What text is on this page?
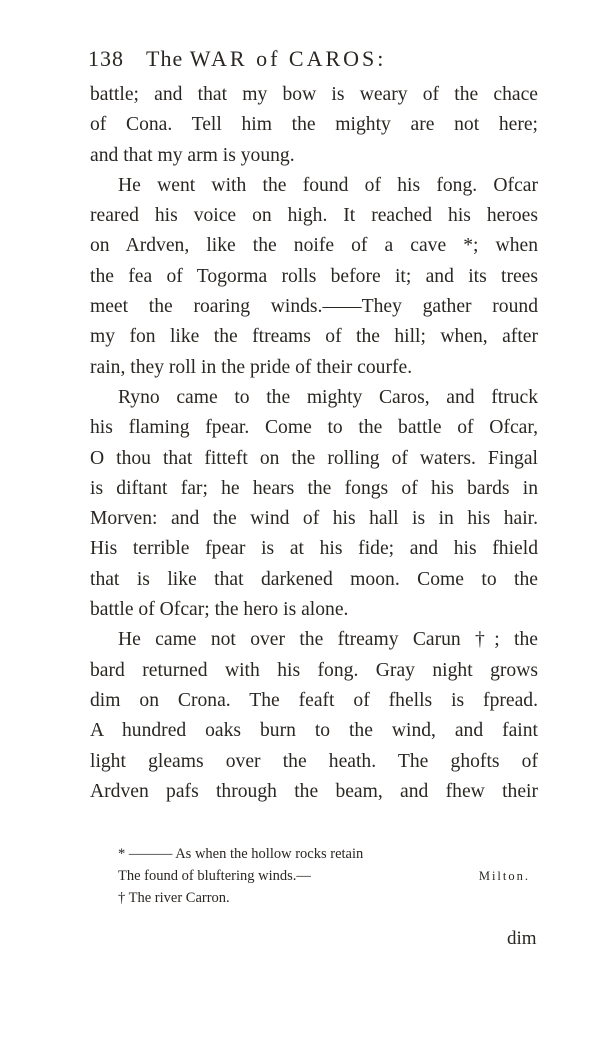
138 The WAR of CAROS:
battle; and that my bow is weary of the chace
of Cona. Tell him the mighty are not here;
and that my arm is young.
He went with the found of his fong. Ofcar
reared his voice on high. It reached his heroes
on Ardven, like the noife of a cave *; when
the fea of Togorma rolls before it; and its trees
meet the roaring winds.——They gather round
my fon like the ftreams of the hill; when, after
rain, they roll in the pride of their courfe.
Ryno came to the mighty Caros, and ftruck
his flaming fpear. Come to the battle of Ofcar,
O thou that fitteft on the rolling of waters. Fingal
is diftant far; he hears the fongs of his bards in
Morven: and the wind of his hall is in his hair.
His terrible fpear is at his fide; and his fhield
that is like that darkened moon. Come to the
battle of Ofcar; the hero is alone.
He came not over the ftreamy Carun †; the
bard returned with his fong. Gray night grows
dim on Crona. The feaft of fhells is fpread.
A hundred oaks burn to the wind, and faint
light gleams over the heath. The ghofts of
Ardven pafs through the beam, and fhew their
* ——— As when the hollow rocks retain
The found of bluftering winds.—	Milton.
† The river Carron.
dim
